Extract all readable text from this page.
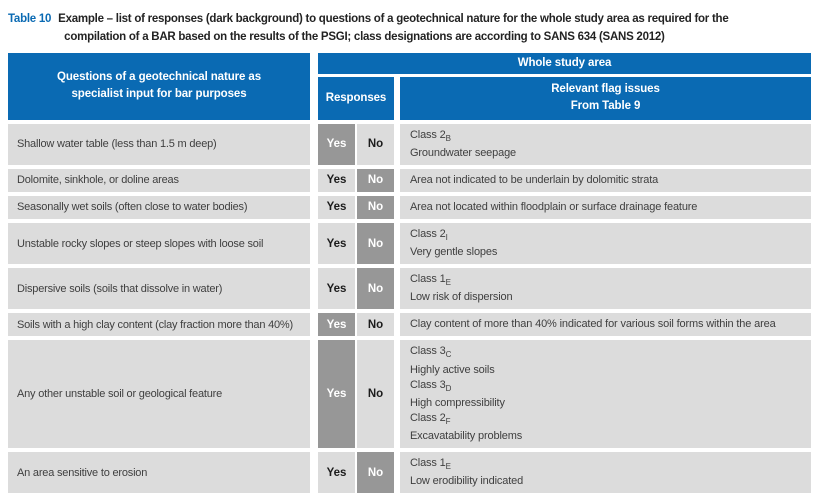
Table 10 Example – list of responses (dark background) to questions of a geotechnical nature for the whole study area as required for the
compilation of a BAR based on the results of the PSGI; class designations are according to SANS 634 (SANS 2012)
Questions of a geotechnical nature as
specialist input for bar purposes
Whole study area
Responses
Relevant flag issues
From Table 9
Shallow water table (less than 1.5 m deep)	Yes	No
Class $2_B$
Groundwater seepage
Dolomite, sinkhole, or doline areas	Yes	No	Area not indicated to be underlain by dolomitic strata
Seasonally wet soils (often close to water bodies)	Yes	No	Area not located within floodplain or surface drainage feature
Unstable rocky slopes or steep slopes with loose soil	Yes	No
Class $2_I$
Very gentle slopes
Dispersive soils (soils that dissolve in water)	Yes	No
Class $1_E$
Low risk of dispersion
Soils with a high clay content (clay fraction more than 40%)	Yes	No	Clay content of more than 40% indicated for various soil forms within the area
Any other unstable soil or geological feature	Yes	No
Class $3_C$
Highly active soils
Class $3_D$
High compressibility
Class $2_F$
Excavatability problems
An area sensitive to erosion	Yes	No
Class $1_E$
Low erodibility indicated
